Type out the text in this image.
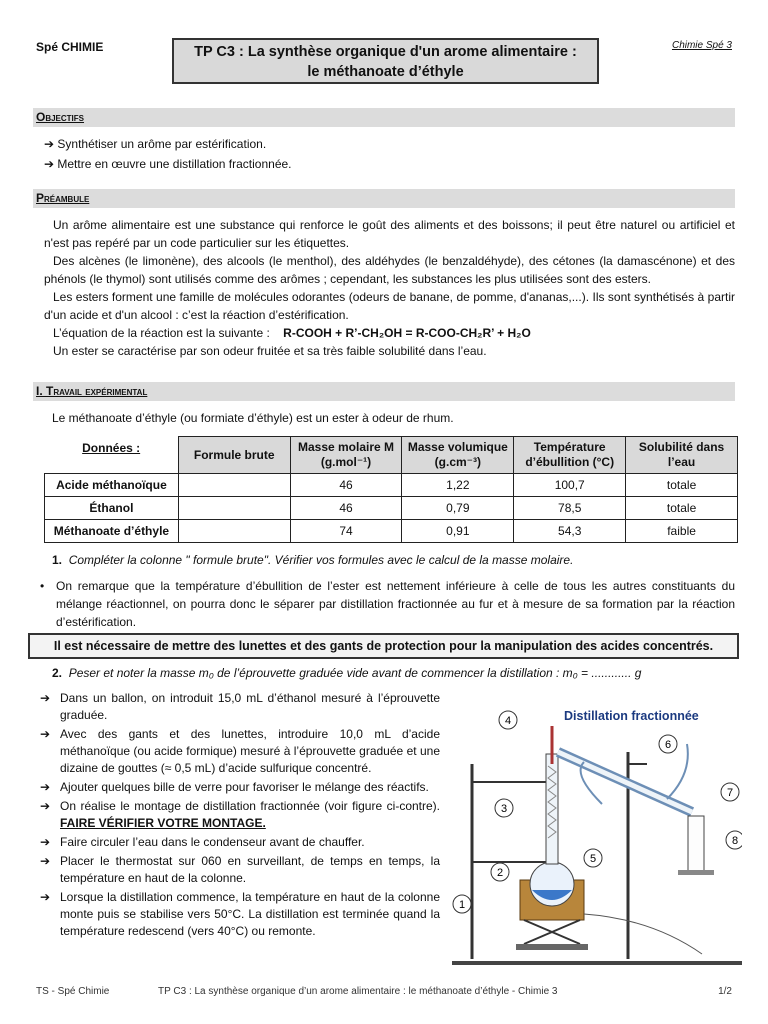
Spé CHIMIE	TP C3 : La synthèse organique d'un arome alimentaire :
le méthanoate d’éthyle
Chimie Spé 3
Objectifs
➔ Synthétiser un arôme par estérification.
➔ Mettre en œuvre une distillation fractionnée.
Préambule

Un arôme alimentaire est une substance qui renforce le goût des aliments et des boissons; il peut être naturel ou artificiel et n'est pas repéré par un code particulier sur les étiquettes.

Des alcènes (le limonène), des alcools (le menthol), des aldéhydes (le benzaldéhyde), des cétones (la damascénone) et des phénols (le thymol) sont utilisés comme des arômes ; cependant, les substances les plus utilisées sont des esters.

Les esters forment une famille de molécules odorantes (odeurs de banane, de pomme, d'ananas,...). Ils sont synthétisés à partir d'un acide et d'un alcool : c’est la réaction d’estérification.

L’équation de la réaction est la suivante : R-COOH + R’-CH₂OH = R-COO-CH₂R’ + H₂O

Un ester se caractérise par son odeur fruitée et sa très faible solubilité dans l’eau.

I. Travail expérimental
Le méthanoate d’éthyle (ou formiate d’éthyle) est un ester à odeur de rhum.
Données :	Formule brute	Masse molaire M (g.mol⁻¹)	Masse volumique (g.cm⁻³)	Température d’ébullition (°C)	Solubilité dans l’eau
Acide méthanoïque		46	1,22	100,7	totale
Éthanol		46	0,79	78,5	totale
Méthanoate d’éthyle		74	0,91	54,3	faible
1. Compléter la colonne " formule brute". Vérifier vos formules avec le calcul de la masse molaire.
• On remarque que la température d’ébullition de l’ester est nettement inférieure à celle de tous les autres constituants du mélange réactionnel, on pourra donc le séparer par distillation fractionnée au fur et à mesure de sa formation par la réaction d’estérification.
Il est nécessaire de mettre des lunettes et des gants de protection pour la manipulation des acides concentrés.
2. Peser et noter la masse m₀ de l’éprouvette graduée vide avant de commencer la distillation : m₀ = ............ g
➔ Dans un ballon, on introduit 15,0 mL d’éthanol mesuré à l’éprouvette graduée.
➔ Avec des gants et des lunettes, introduire 10,0 mL d’acide méthanoïque (ou acide formique) mesuré à l’éprouvette graduée et une dizaine de gouttes (≈ 0,5 mL) d’acide sulfurique concentré.
➔ Ajouter quelques bille de verre pour favoriser le mélange des réactifs.
➔ On réalise le montage de distillation fractionnée (voir figure ci-contre). FAIRE VÉRIFIER VOTRE MONTAGE.
➔ Faire circuler l’eau dans le condenseur avant de chauffer.
➔ Placer le thermostat sur 060 en surveillant, de temps en temps, la température en haut de la colonne.
➔ Lorsque la distillation commence, la température en haut de la colonne monte puis se stabilise vers 50°C. La distillation est terminée quand la température redescend (vers 40°C) ou remonte.
Distillation fractionnée
1
2
3
4
5
6
7
8
TS - Spé Chimie	TP C3 : La synthèse organique d’un arome alimentaire : le méthanoate d’éthyle - Chimie 3	1/2
